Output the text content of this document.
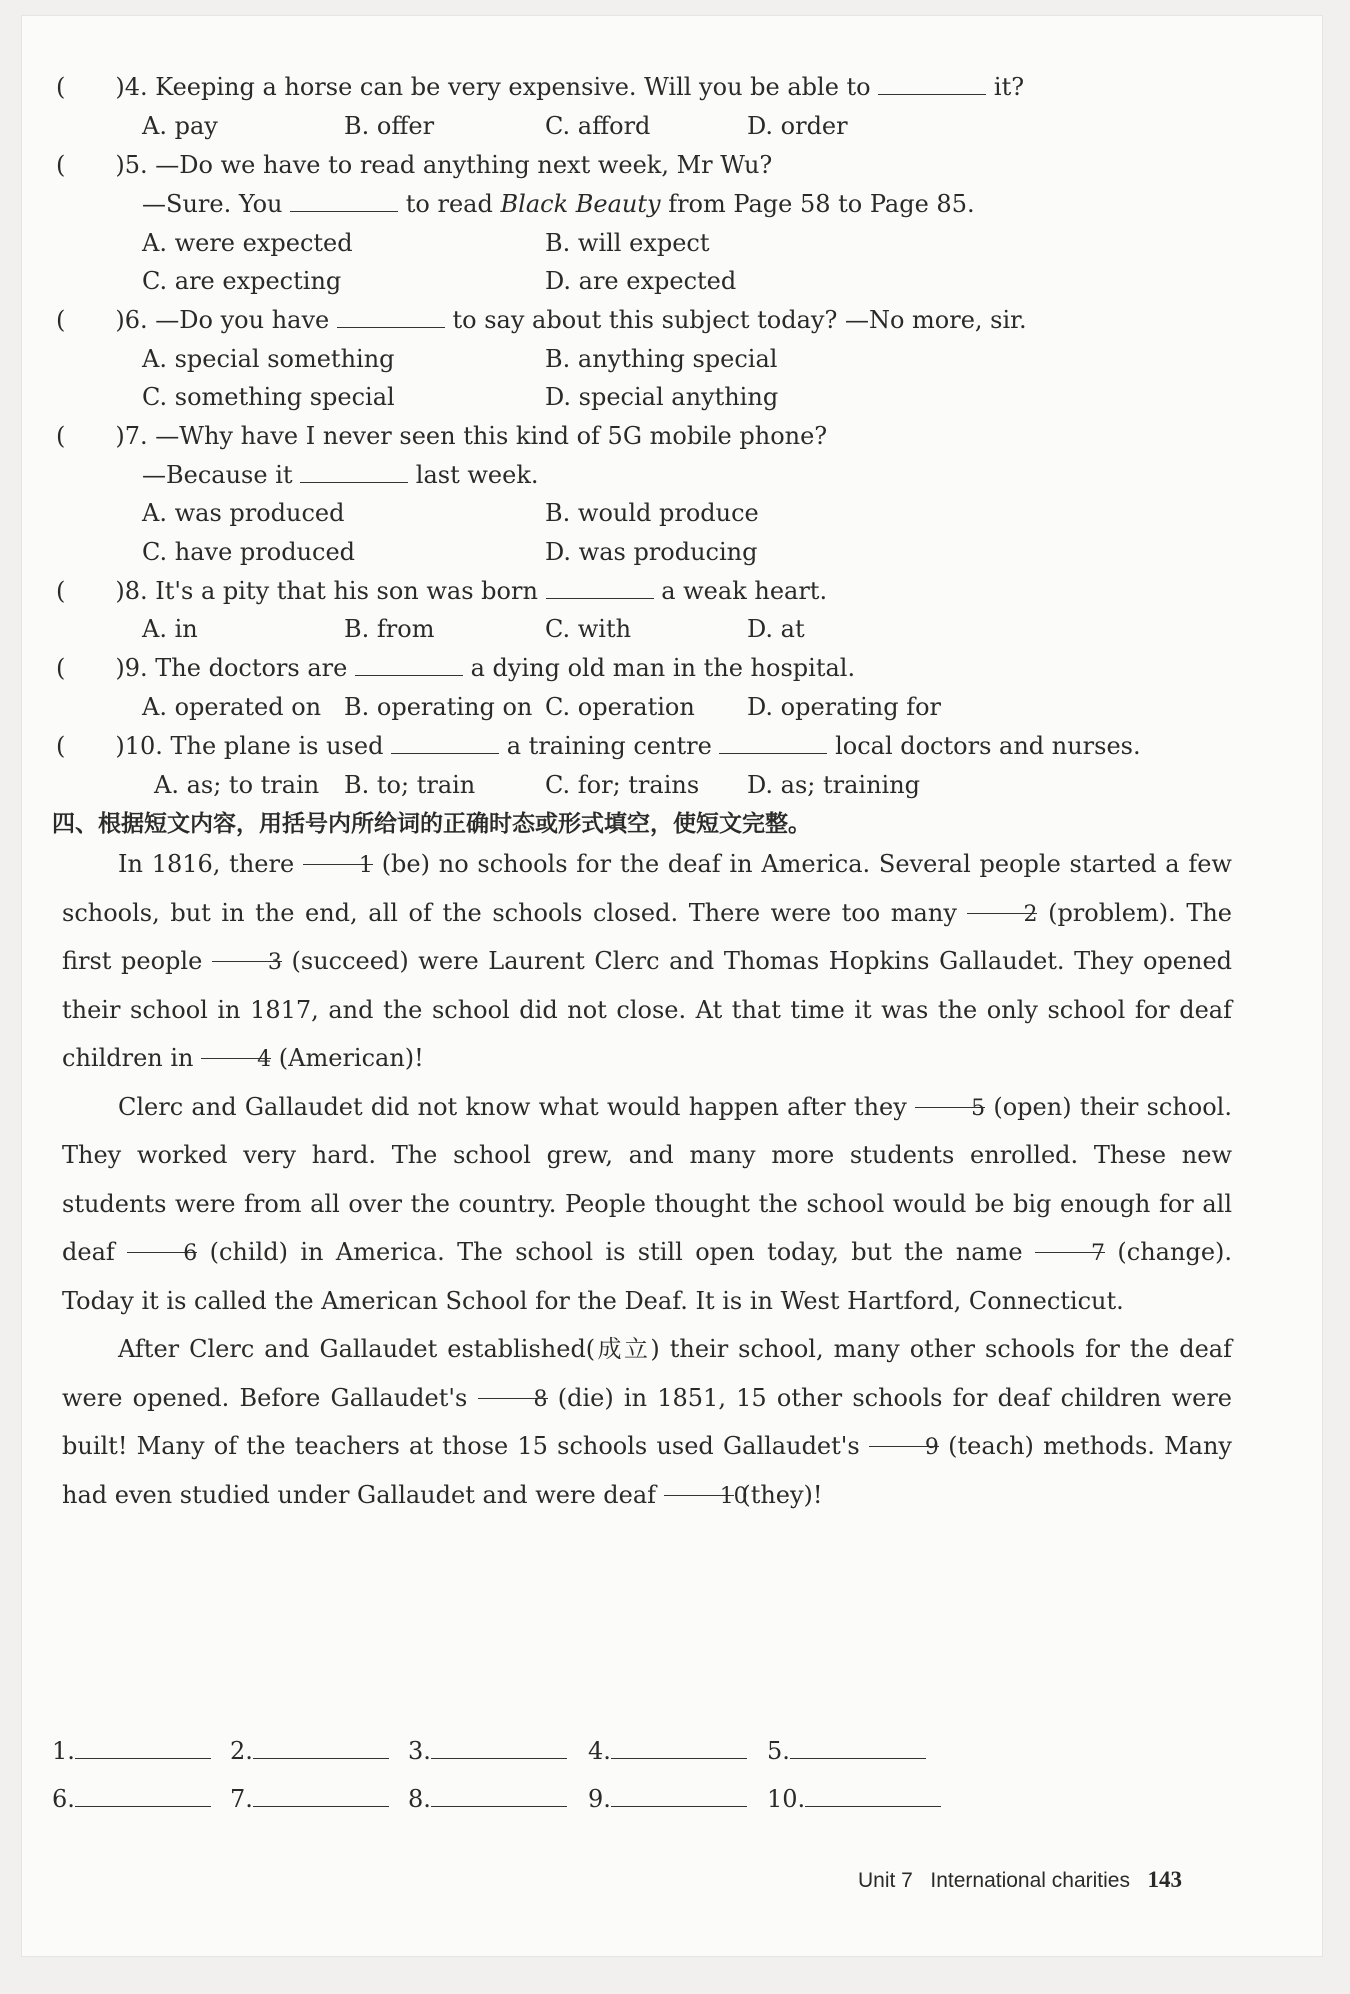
( )4. Keeping a horse can be very expensive. Will you be able to	it?
A. pay	B. offer	C. afford	D. order
( )5. —Do we have to read anything next week, Mr Wu?
—Sure. You	to read Black Beauty from Page 58 to Page 85.
A. were expected	B. will expect
C. are expecting	D. are expected
( )6. —Do you have	to say about this subject today? —No more, sir.
A. special something	B. anything special
C. something special	D. special anything
( )7. —Why have I never seen this kind of 5G mobile phone?
—Because it	last week.
A. was produced	B. would produce
C. have produced	D. was producing
( )8. It's a pity that his son was born	a weak heart.
A. in	B. from	C. with	D. at
( )9. The doctors are	a dying old man in the hospital.
A. operated on B. operating on C. operation D. operating for
( )10. The plane is used	a training centre	local doctors and nurses.
A. as; to train B. to; train	C. for; trains D. as; training
四、根据短文内容，用括号内所给词的正确时态或形式填空，使短文完整。

In 1816, there	1 (be) no schools for the deaf in America. Several people started a few schools, but in the end, all of the schools closed. There were too many	2 (problem). The first people	3 (succeed) were Laurent Clerc and Thomas Hopkins Gallaudet. They opened their school in 1817, and the school did not close. At that time it was the only school for deaf children in	4 (American)!

Clerc and Gallaudet did not know what would happen after they	5 (open) their school. They worked very hard. The school grew, and many more students enrolled. These new students were from all over the country. People thought the school would be big enough for all deaf	6 (child) in America. The school is still open today, but the name	7 (change). Today it is called the American School for the Deaf. It is in West Hartford, Connecticut.

After Clerc and Gallaudet established(成立) their school, many other schools for the deaf were opened. Before Gallaudet's	8 (die) in 1851, 15 other schools for deaf children were built! Many of the teachers at those 15 schools used Gallaudet's	9 (teach) methods. Many had even studied under Gallaudet and were deaf	10 (they)!

1.	2.	3.	4.	5.
6.	7.	8.	9.	10.
Unit 7 International charities 143
